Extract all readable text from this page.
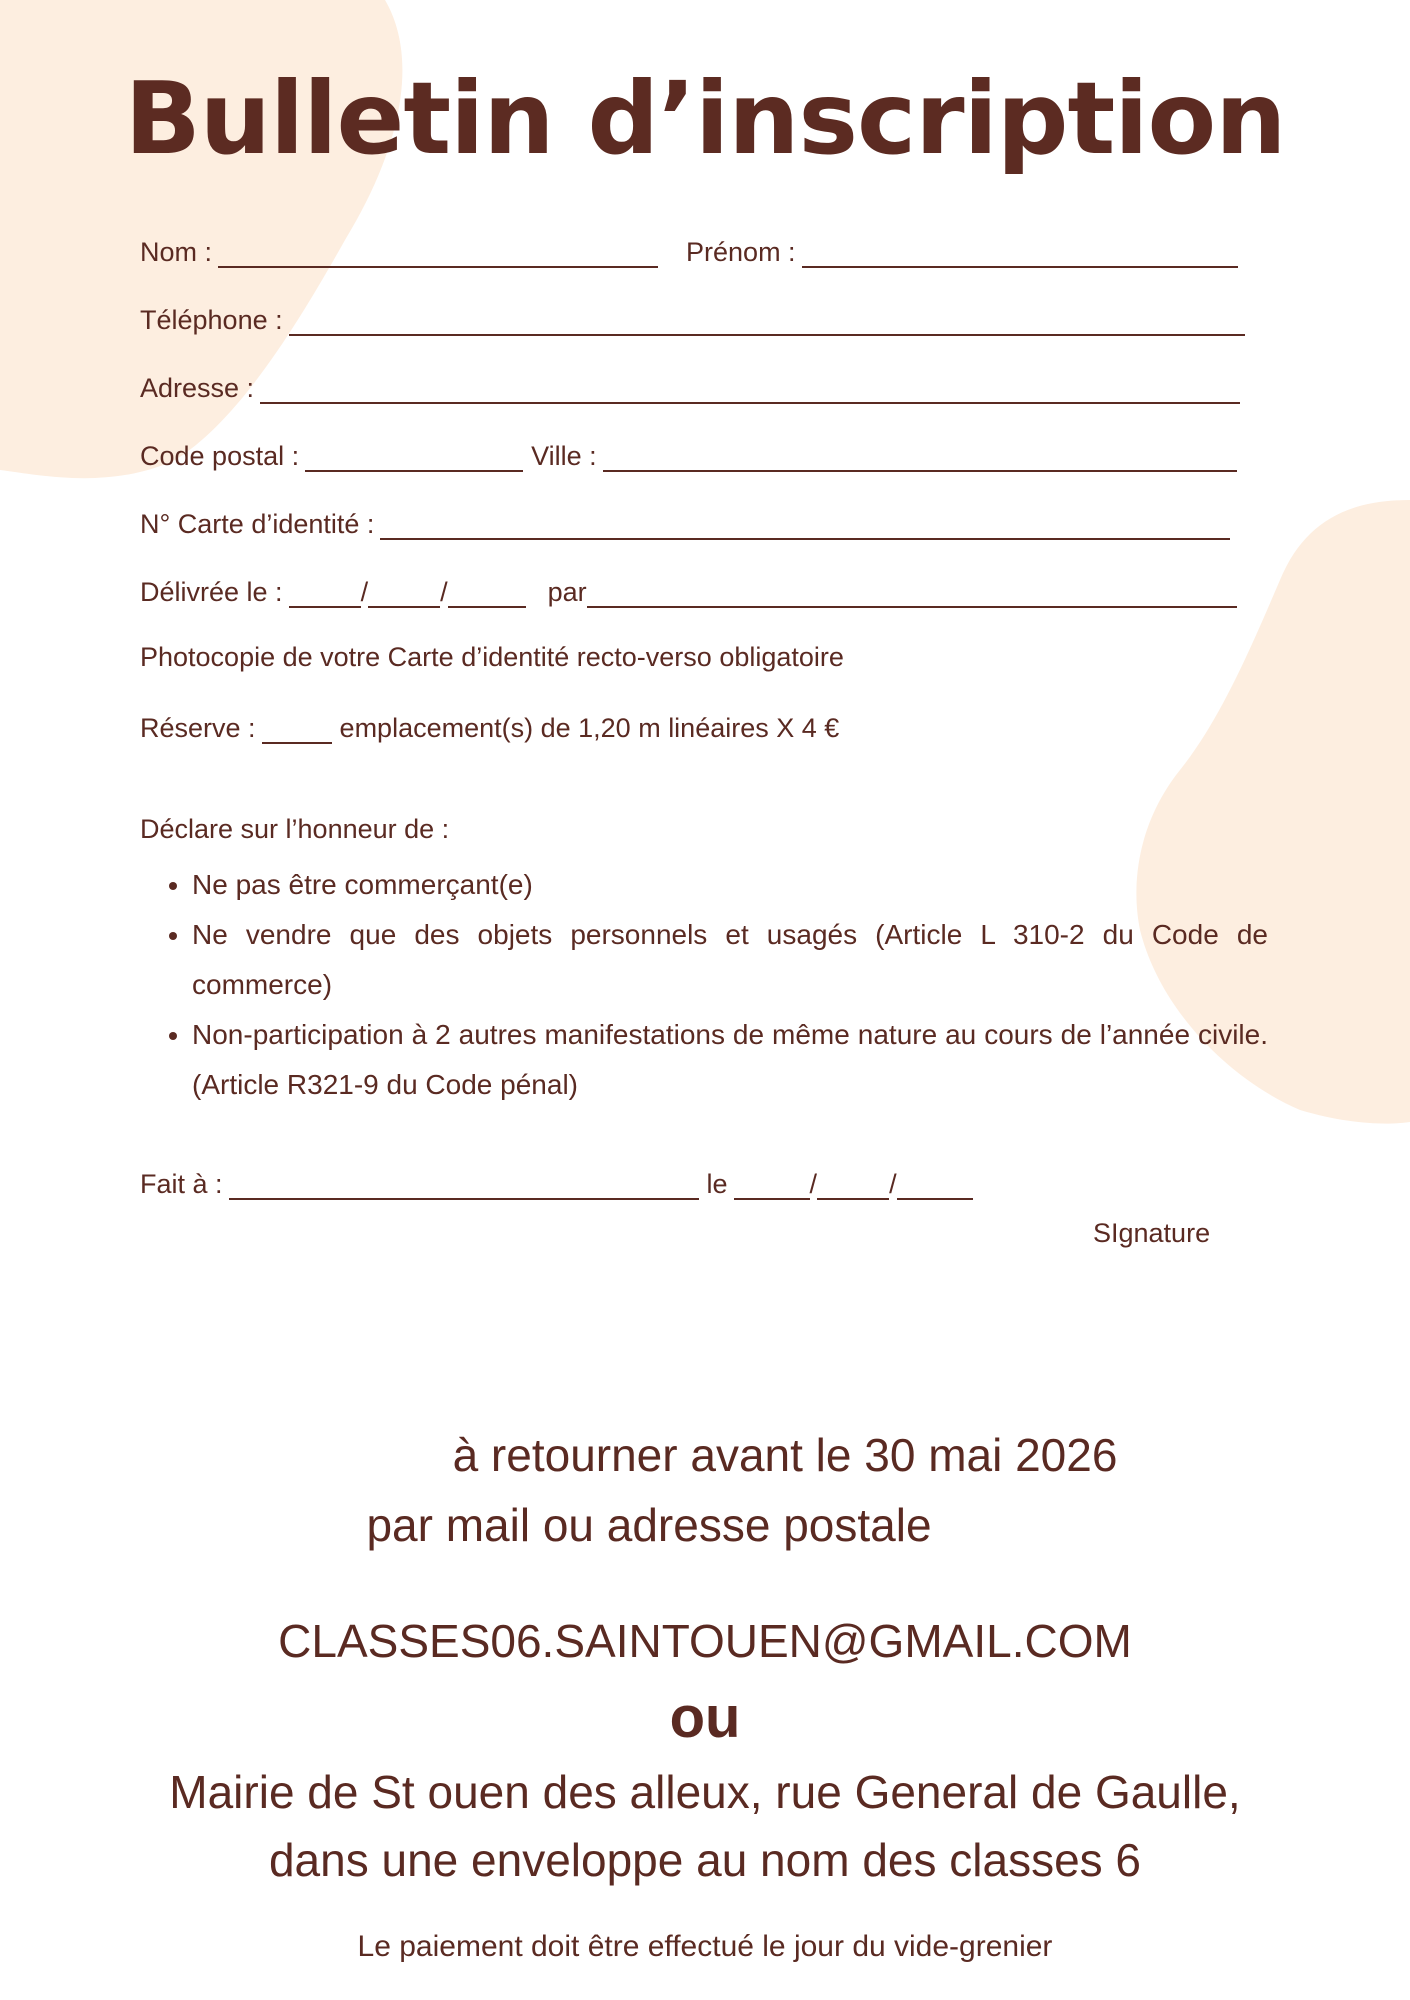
Bulletin d’inscription
Nom :	Prénom :
Téléphone :
Adresse :
Code postal :	Ville :
N° Carte d’identité :
Délivrée le :	/	/	par
Photocopie de votre Carte d’identité recto-verso obligatoire
Réserve :	emplacement(s) de 1,20 m linéaires X 4 €
Déclare sur l’honneur de :
• Ne pas être commerçant(e)
• Ne vendre que des objets personnels et usagés (Article L 310-2 du Code de commerce)
• Non-participation à 2 autres manifestations de même nature au cours de l’année civile. (Article R321-9 du Code pénal)
Fait à :	le	/	/
SIgnature
à retourner avant le 30 mai 2026
par mail ou adresse postale
CLASSES06.SAINTOUEN@GMAIL.COM
ou
Mairie de St ouen des alleux, rue General de Gaulle,
dans une enveloppe au nom des classes 6
Le paiement doit être effectué le jour du vide-grenier
